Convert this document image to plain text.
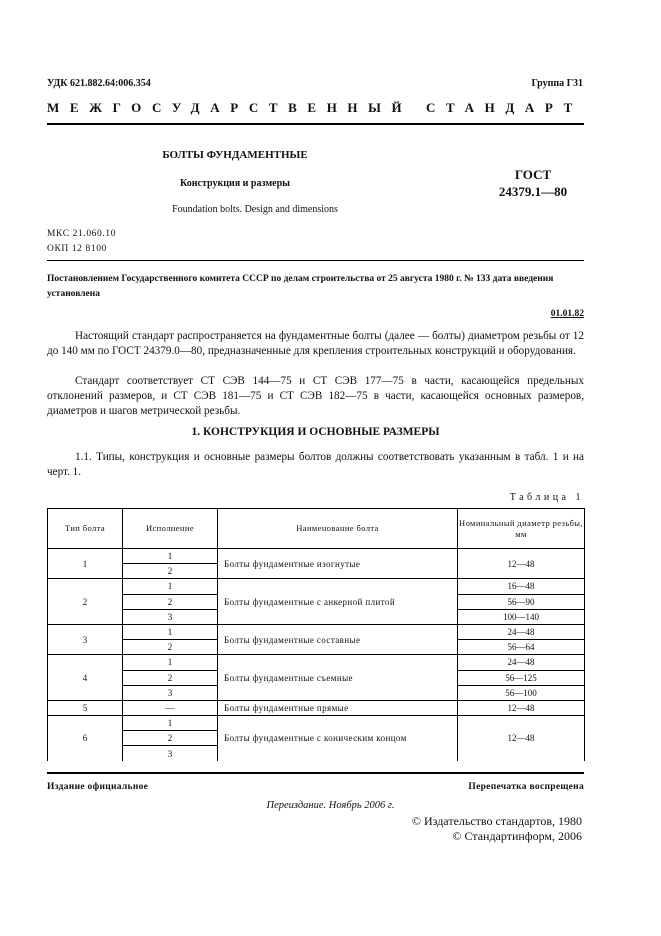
УДК 621.882.64:006.354	Группа Г31
МЕЖГОСУДАРСТВЕННЫЙ СТАНДАРТ
БОЛТЫ ФУНДАМЕНТНЫЕ
Конструкция и размеры
Foundation bolts. Design and dimensions
ГОСТ
24379.1—80
МКС 21.060.10
ОКП 12 8100
Постановлением Государственного комитета СССР по делам строительства от 25 августа 1980 г. № 133 дата введения установлена
01.01.82
Настоящий стандарт распространяется на фундаментные болты (далее — болты) диаметром резьбы от 12 до 140 мм по ГОСТ 24379.0—80, предназначенные для крепления строительных конструкций и оборудования.
Стандарт соответствует СТ СЭВ 144—75 и СТ СЭВ 177—75 в части, касающейся предельных отклонений размеров, и СТ СЭВ 181—75 и СТ СЭВ 182—75 в части, касающейся основных размеров, диаметров и шагов метрической резьбы.
1. КОНСТРУКЦИЯ И ОСНОВНЫЕ РАЗМЕРЫ
1.1. Типы, конструкция и основные размеры болтов должны соответствовать указанным в табл. 1 и на черт. 1.
Таблица 1
Тип болта	Исполнение	Наименование болта	Номинальный диаметр резьбы, мм
1	1	Болты фундаментные изогнутые	12—48
	2		
2	1	Болты фундаментные с анкерной плитой	16—48
	2		56—90
	3		100—140
3	1	Болты фундаментные составные	24—48
	2		56—64
4	1	Болты фундаментные съемные	24—48
	2		56—125
	3		56—100
5	—	Болты фундаментные прямые	12—48
6	1	Болты фундаментные с коническим концом	12—48
	2		
	3		
Издание официальное	Перепечатка воспрещена
Переиздание. Ноябрь 2006 г.
© Издательство стандартов, 1980
© Стандартинформ, 2006
